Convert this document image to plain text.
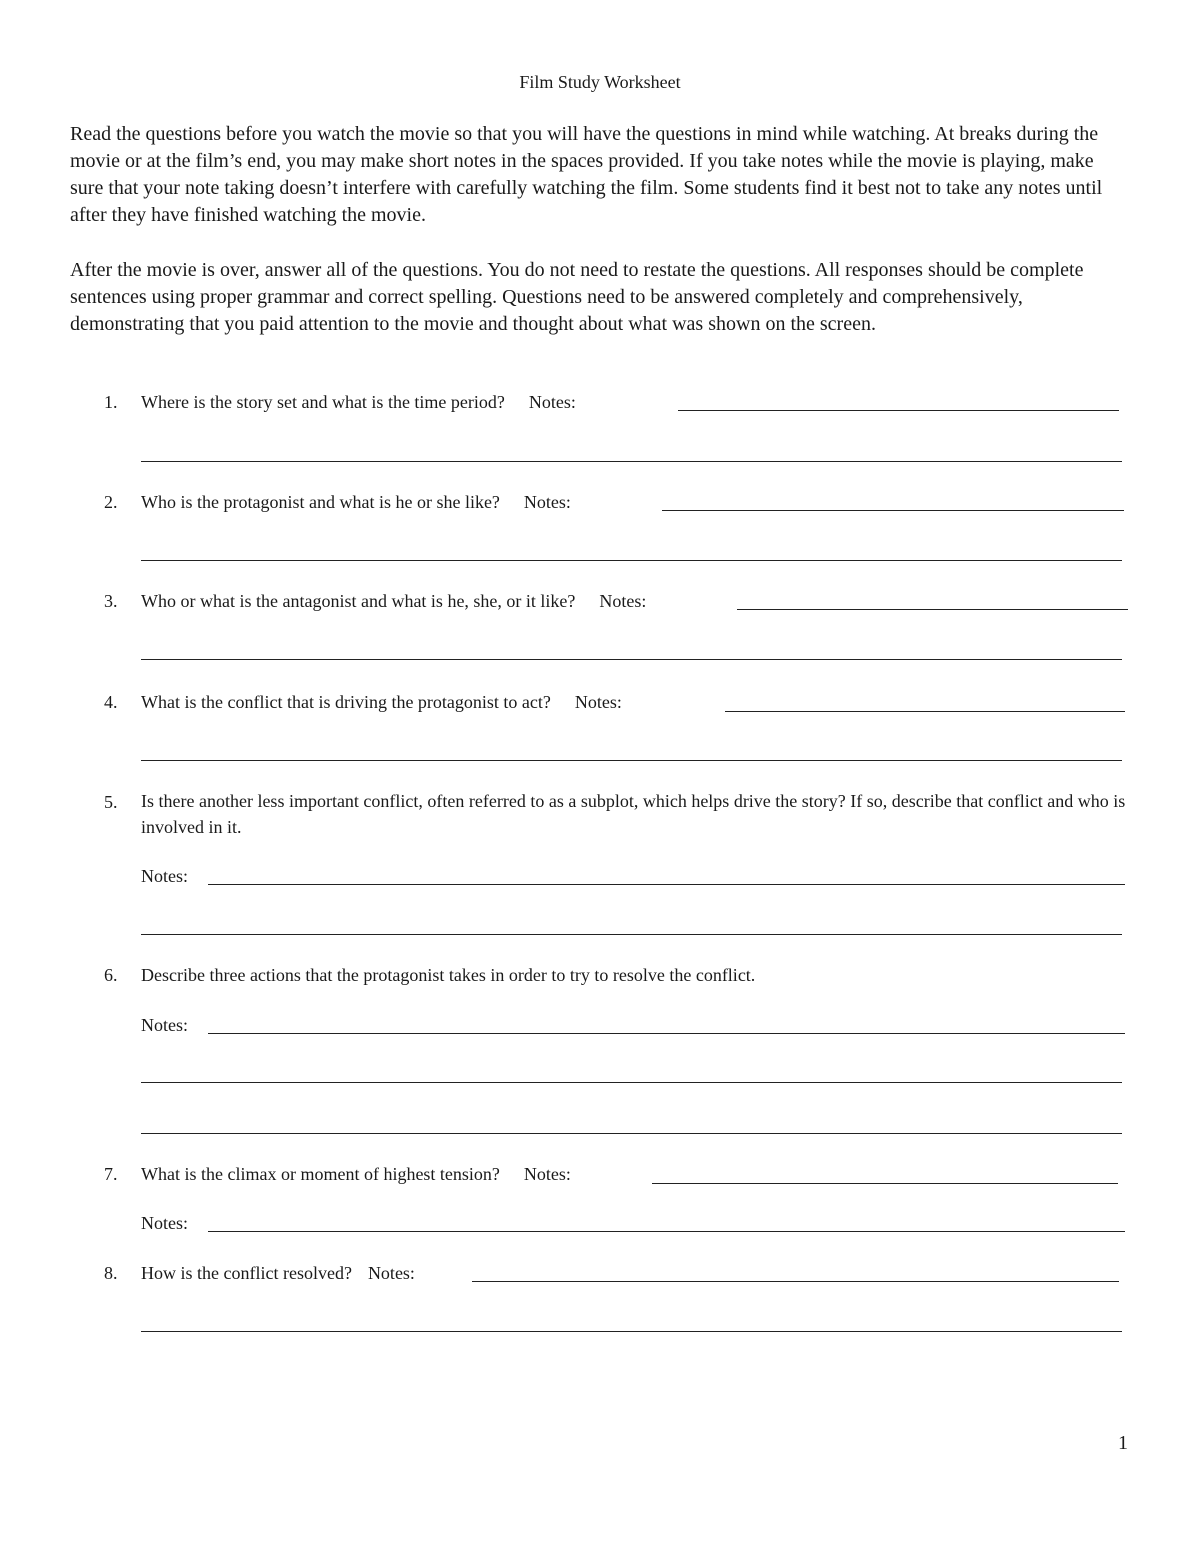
Film Study Worksheet

Read the questions before you watch the movie so that you will have the questions in mind while watching. At breaks during the movie or at the film’s end, you may make short notes in the spaces provided. If you take notes while the movie is playing, make sure that your note taking doesn’t interfere with carefully watching the film. Some students find it best not to take any notes until after they have finished watching the movie.

After the movie is over, answer all of the questions. You do not need to restate the questions. All responses should be complete sentences using proper grammar and correct spelling. Questions need to be answered completely and comprehensively, demonstrating that you paid attention to the movie and thought about what was shown on the screen.

1. Where is the story set and what is the time period? Notes:
2. Who is the protagonist and what is he or she like? Notes:
3. Who or what is the antagonist and what is he, she, or it like? Notes:
4. What is the conflict that is driving the protagonist to act? Notes:
5. Is there another less important conflict, often referred to as a subplot, which helps drive the story? If so, describe that conflict and who is involved in it.
Notes:
6. Describe three actions that the protagonist takes in order to try to resolve the conflict.
Notes:
7. What is the climax or moment of highest tension? Notes:
Notes:
8. How is the conflict resolved? Notes:
1
